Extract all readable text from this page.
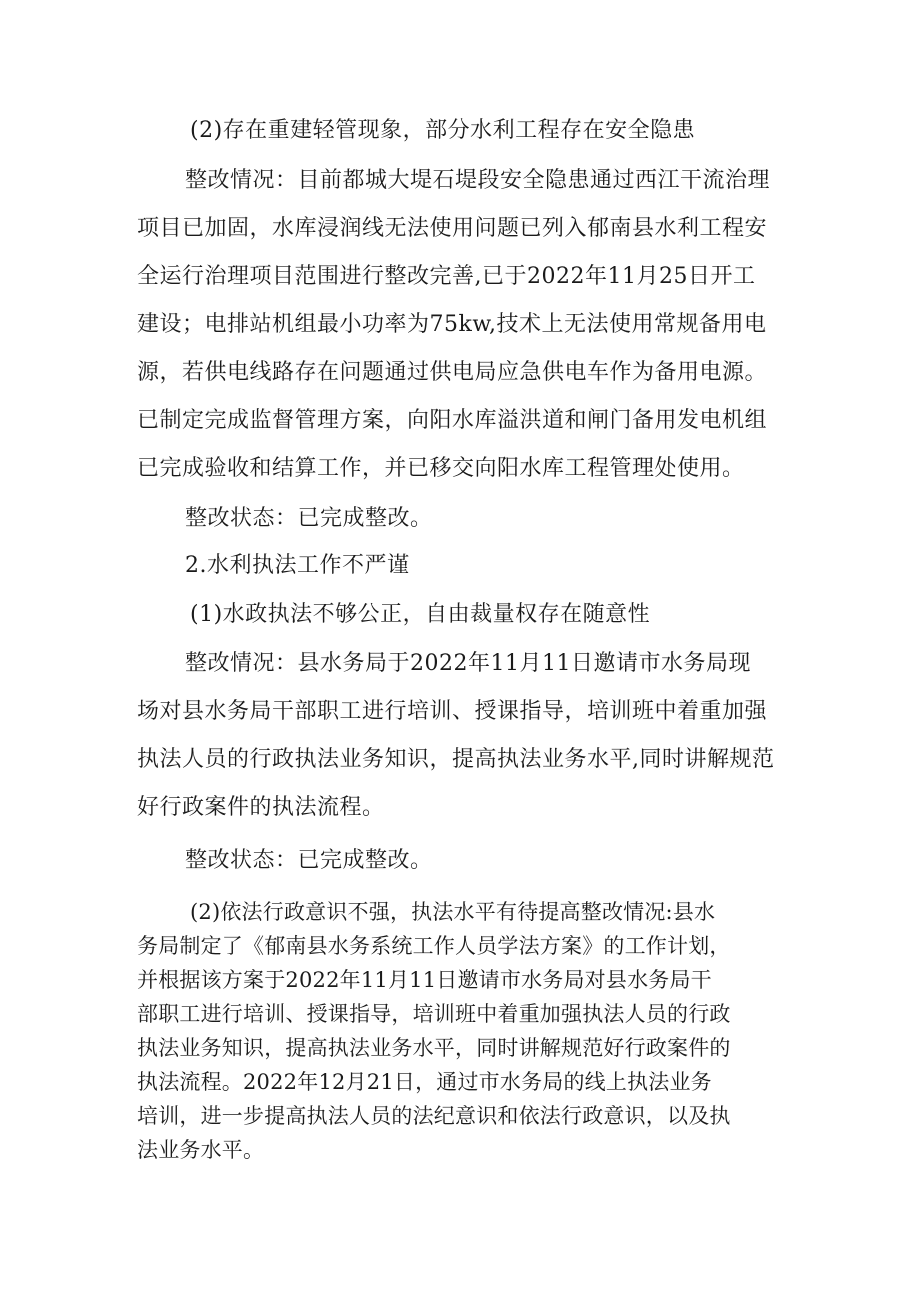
(2)存在重建轻管现象，部分水利工程存在安全隐患
整改情况：目前都城大堤石堤段安全隐患通过西江干流治理
项目已加固，水库浸润线无法使用问题已列入郁南县水利工程安
全运行治理项目范围进行整改完善,已于2022年11月25日开工
建设；电排站机组最小功率为75kw,技术上无法使用常规备用电
源，若供电线路存在问题通过供电局应急供电车作为备用电源。
已制定完成监督管理方案，向阳水库溢洪道和闸门备用发电机组
已完成验收和结算工作，并已移交向阳水库工程管理处使用。
整改状态：已完成整改。
2.水利执法工作不严谨
(1)水政执法不够公正，自由裁量权存在随意性
整改情况：县水务局于2022年11月11日邀请市水务局现
场对县水务局干部职工进行培训、授课指导，培训班中着重加强
执法人员的行政执法业务知识，提高执法业务水平,同时讲解规范
好行政案件的执法流程。
整改状态：已完成整改。
(2)依法行政意识不强，执法水平有待提高整改情况:县水
务局制定了《郁南县水务系统工作人员学法方案》的工作计划，
并根据该方案于2022年11月11日邀请市水务局对县水务局干
部职工进行培训、授课指导，培训班中着重加强执法人员的行政
执法业务知识，提高执法业务水平，同时讲解规范好行政案件的
执法流程。2022年12月21日，通过市水务局的线上执法业务
培训，进一步提高执法人员的法纪意识和依法行政意识，以及执
法业务水平。
